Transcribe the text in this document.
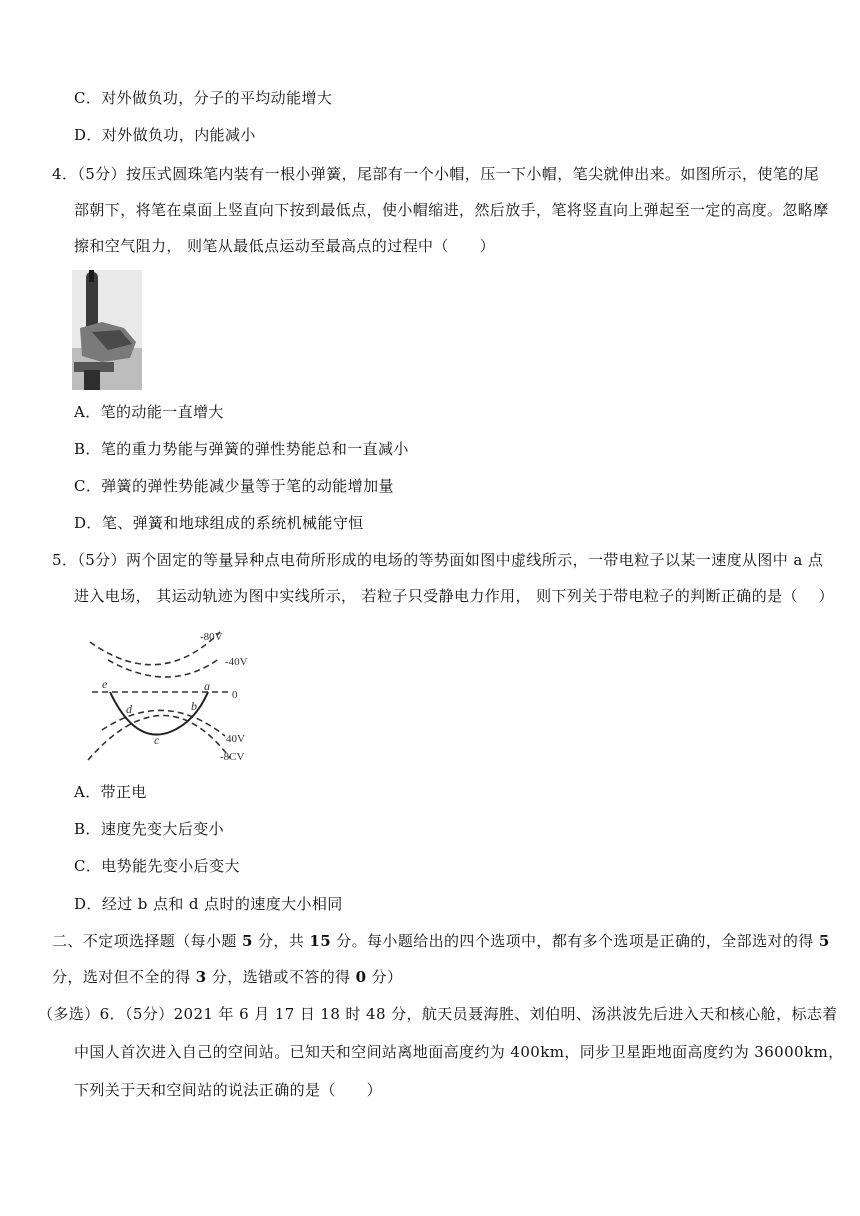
C．对外做负功，分子的平均动能增大
D．对外做负功，内能减小
4．（5分）按压式圆珠笔内装有一根小弹簧，尾部有一个小帽，压一下小帽，笔尖就伸出来。如图所示，使笔的尾
部朝下，将笔在桌面上竖直向下按到最低点，使小帽缩进，然后放手，笔将竖直向上弹起至一定的高度。忽略摩
擦和空气阻力， 则笔从最低点运动至最高点的过程中（　　）
A．笔的动能一直增大
B．笔的重力势能与弹簧的弹性势能总和一直减小
C．弹簧的弹性势能减少量等于笔的动能增加量
D．笔、弹簧和地球组成的系统机械能守恒
5．（5分）两个固定的等量异种点电荷所形成的电场的等势面如图中虚线所示，一带电粒子以某一速度从图中 a 点
进入电场， 其运动轨迹为图中实线所示， 若粒子只受静电力作用， 则下列关于带电粒子的判断正确的是（　 ）
-80V
-40V
0
40V
-8CV
a
b
c
d
e
A．带正电
B．速度先变大后变小
C．电势能先变小后变大
D．经过 b 点和 d 点时的速度大小相同
二、不定项选择题（每小题 5 分，共 15 分。每小题给出的四个选项中，都有多个选项是正确的，全部选对的得 5
分，选对但不全的得 3 分，选错或不答的得 0 分）
（多选）6．（5分）2021 年 6 月 17 日 18 时 48 分，航天员聂海胜、刘伯明、汤洪波先后进入天和核心舱，标志着
中国人首次进入自己的空间站。已知天和空间站离地面高度约为 400km，同步卫星距地面高度约为 36000km，
下列关于天和空间站的说法正确的是（　　）
